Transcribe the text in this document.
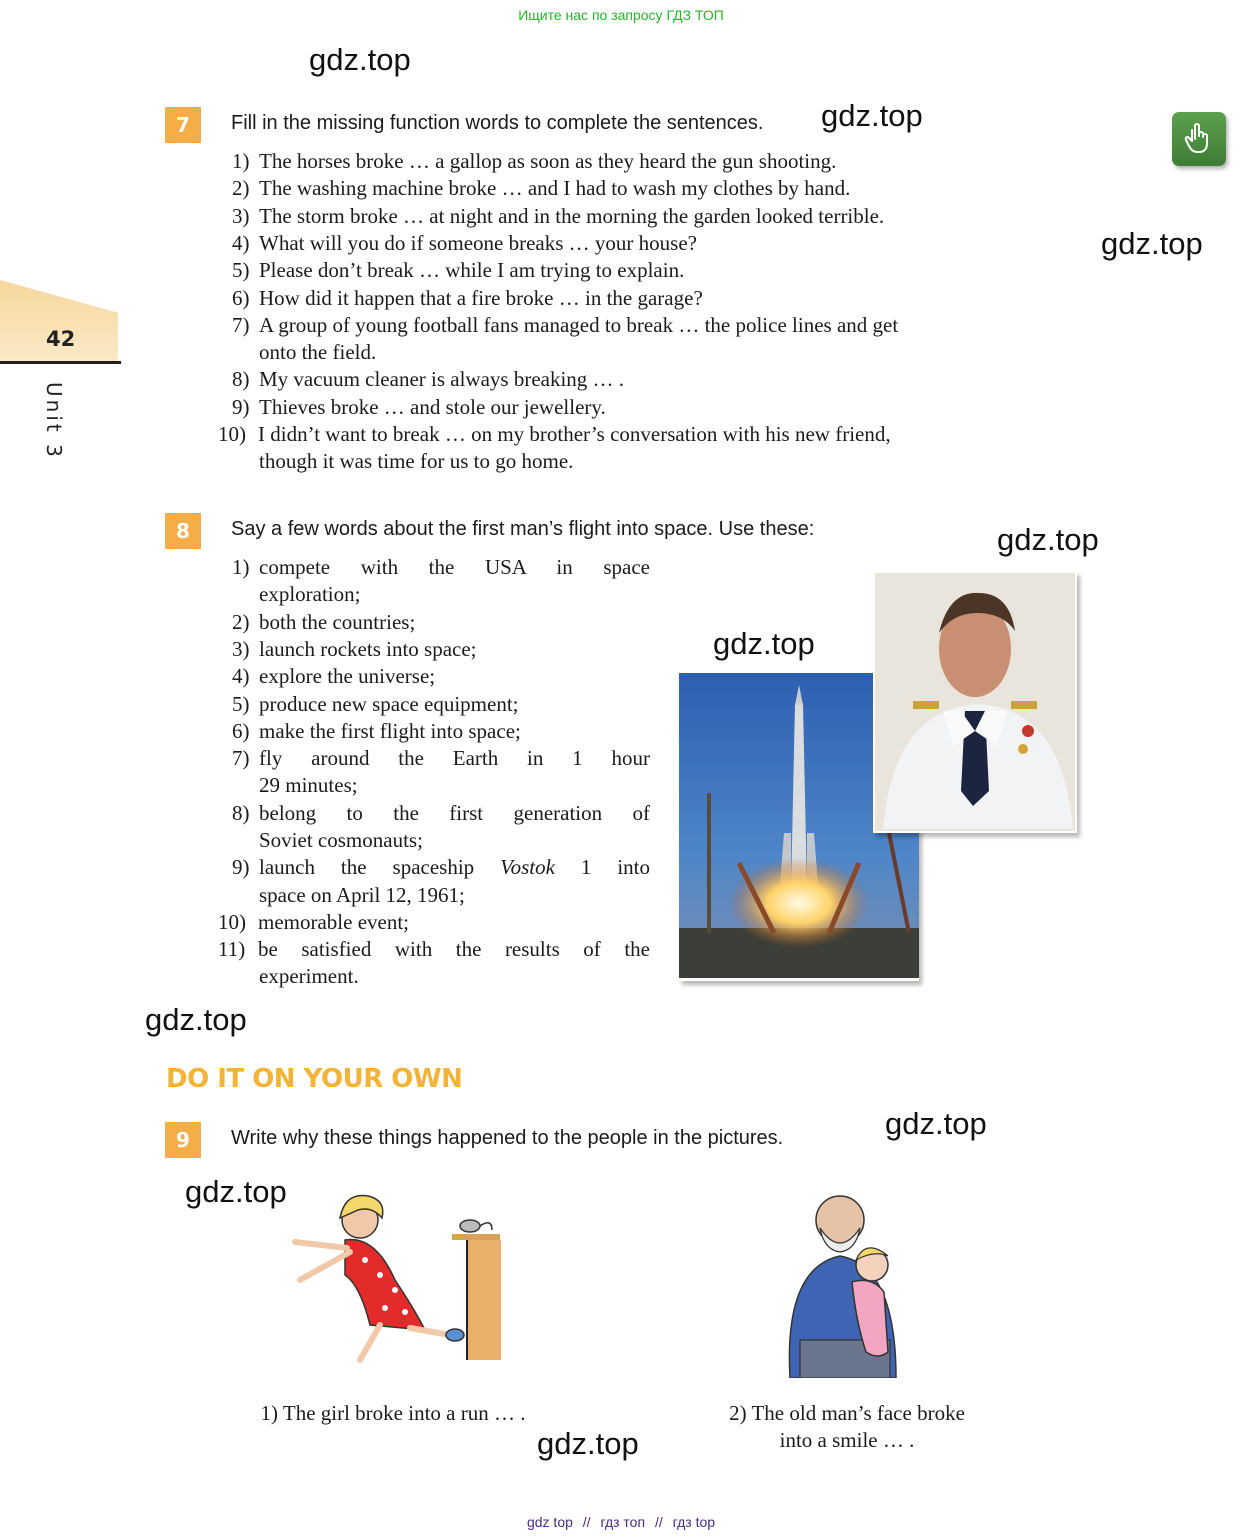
Ищите нас по запросу ГДЗ ТОП
gdz.top
gdz.top
gdz.top
gdz.top
gdz.top
gdz.top
gdz.top
gdz.top
gdz.top
42
Unit 3
7	Fill in the missing function words to complete the sentences.
1) The horses broke … a gallop as soon as they heard the gun shooting.
2) The washing machine broke … and I had to wash my clothes by hand.
3) The storm broke … at night and in the morning the garden looked terrible.
4) What will you do if someone breaks … your house?
5) Please don’t break … while I am trying to explain.
6) How did it happen that a fire broke … in the garage?
7) A group of young football fans managed to break … the police lines and get
onto the field.
8) My vacuum cleaner is always breaking … .
9) Thieves broke … and stole our jewellery.
10) I didn’t want to break … on my brother’s conversation with his new friend,
though it was time for us to go home.
8	Say a few words about the first man’s flight into space. Use these:
1) compete with the USA in space
exploration;
2) both the countries;
3) launch rockets into space;
4) explore the universe;
5) produce new space equipment;
6) make the first flight into space;
7) fly around the Earth in 1 hour
29 minutes;
8) belong to the first generation of
Soviet cosmonauts;
9) launch the spaceship Vostok 1 into
space on April 12, 1961;
10) memorable event;
11) be satisfied with the results of the
experiment.
DO IT ON YOUR OWN
9	Write why these things happened to the people in the pictures.
1) The girl broke into a run … .	2) The old man’s face broke
into a smile … .
gdz top // гдз топ // гдз top
